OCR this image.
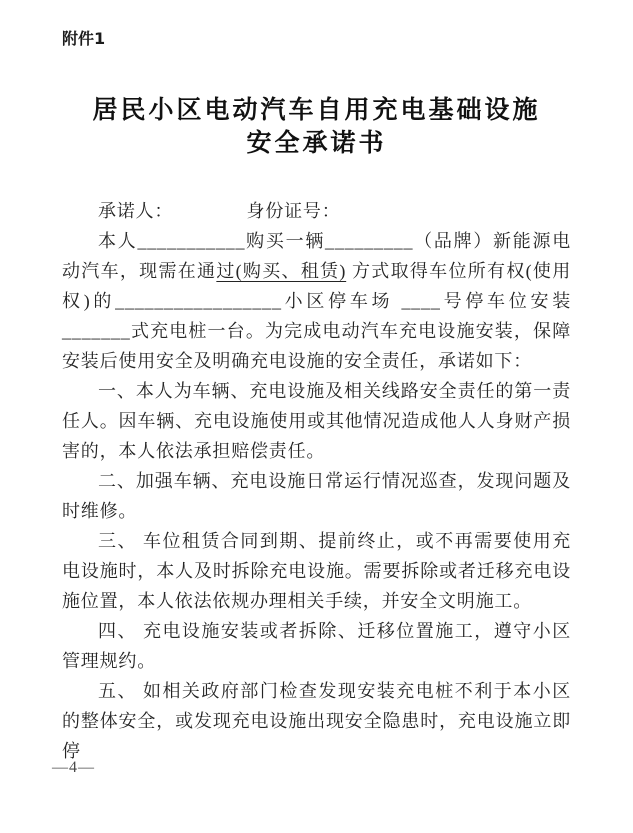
附件1
居民小区电动汽车自用充电基础设施
安全承诺书
承诺人：	身份证号：

本人___________购买一辆_________（品牌）新能源电动汽车，现需在通过(购买、租赁) 方式取得车位所有权(使用权)的_________________小区停车场 ____号停车位安装_______式充电桩一台。为完成电动汽车充电设施安装，保障安装后使用安全及明确充电设施的安全责任，承诺如下：

一、本人为车辆、充电设施及相关线路安全责任的第一责任人。因车辆、充电设施使用或其他情况造成他人人身财产损害的，本人依法承担赔偿责任。

二、加强车辆、充电设施日常运行情况巡查，发现问题及时维修。

三、 车位租赁合同到期、提前终止，或不再需要使用充电设施时，本人及时拆除充电设施。需要拆除或者迁移充电设施位置，本人依法依规办理相关手续，并安全文明施工。

四、 充电设施安装或者拆除、迁移位置施工，遵守小区管理规约。

五、 如相关政府部门检查发现安装充电桩不利于本小区的整体安全，或发现充电设施出现安全隐患时，充电设施立即停

—4—
